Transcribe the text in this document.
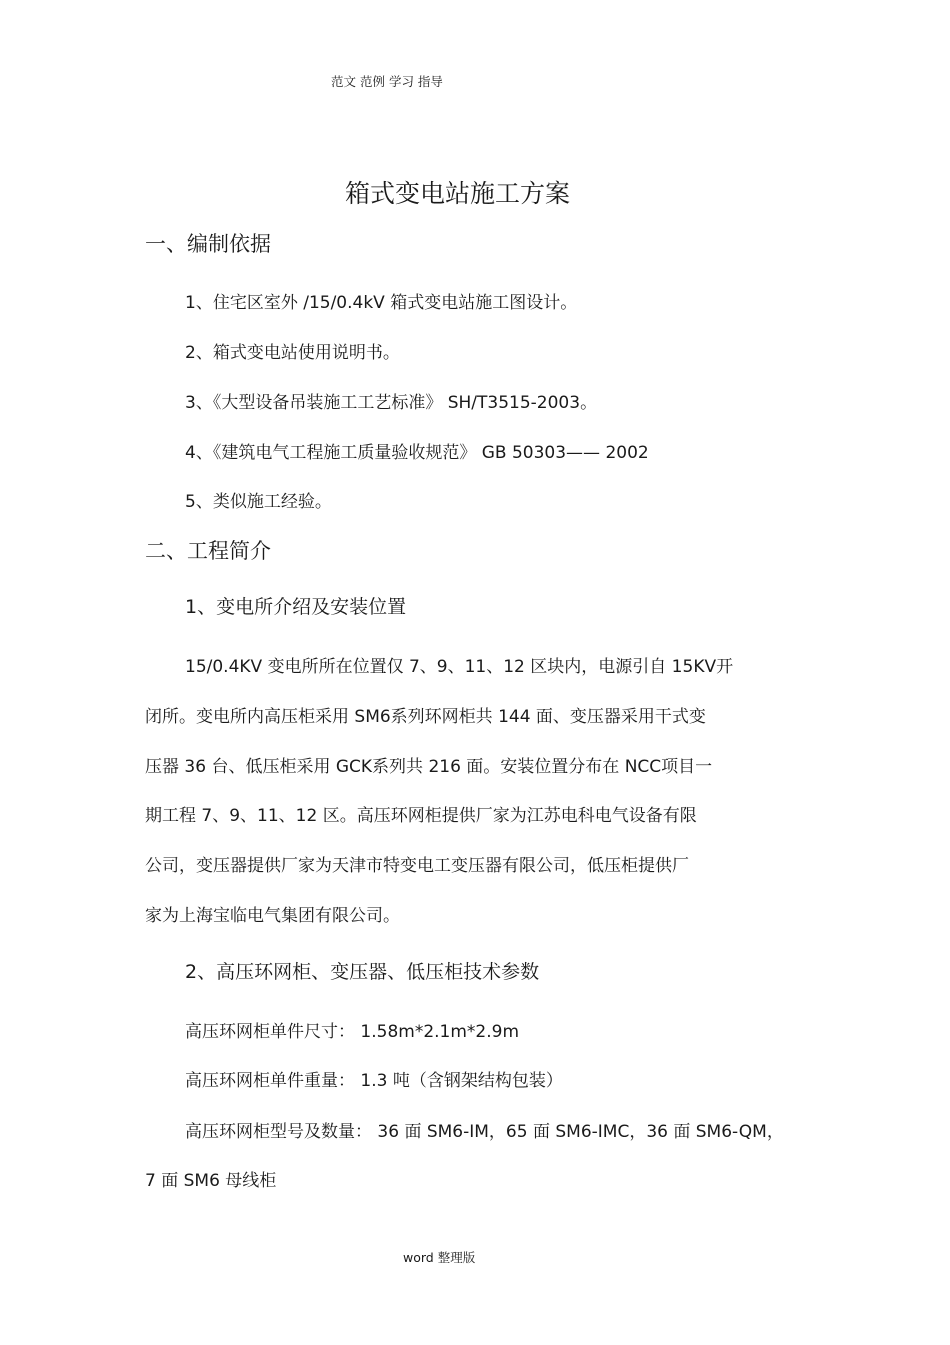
范文 范例 学习 指导
箱式变电站施工方案
一、编制依据
1、住宅区室外 /15/0.4kV 箱式变电站施工图设计。
2、箱式变电站使用说明书。
3、《大型设备吊装施工工艺标准》 SH/T3515-2003。
4、《建筑电气工程施工质量验收规范》 GB 50303—— 2002
5、类似施工经验。
二、工程简介
1、变电所介绍及安装位置
15/0.4KV 变电所所在位置仅 7、9、11、12 区块内，电源引自 15KV开
闭所。变电所内高压柜采用 SM6系列环网柜共 144 面、变压器采用干式变
压器 36 台、低压柜采用 GCK系列共 216 面。安装位置分布在 NCC项目一
期工程 7、9、11、12 区。高压环网柜提供厂家为江苏电科电气设备有限
公司，变压器提供厂家为天津市特变电工变压器有限公司，低压柜提供厂
家为上海宝临电气集团有限公司。
2、高压环网柜、变压器、低压柜技术参数
高压环网柜单件尺寸： 1.58m*2.1m*2.9m
高压环网柜单件重量： 1.3 吨（含钢架结构包装）
高压环网柜型号及数量： 36 面 SM6-IM，65 面 SM6-IMC，36 面 SM6-QM，
7 面 SM6 母线柜
word 整理版
